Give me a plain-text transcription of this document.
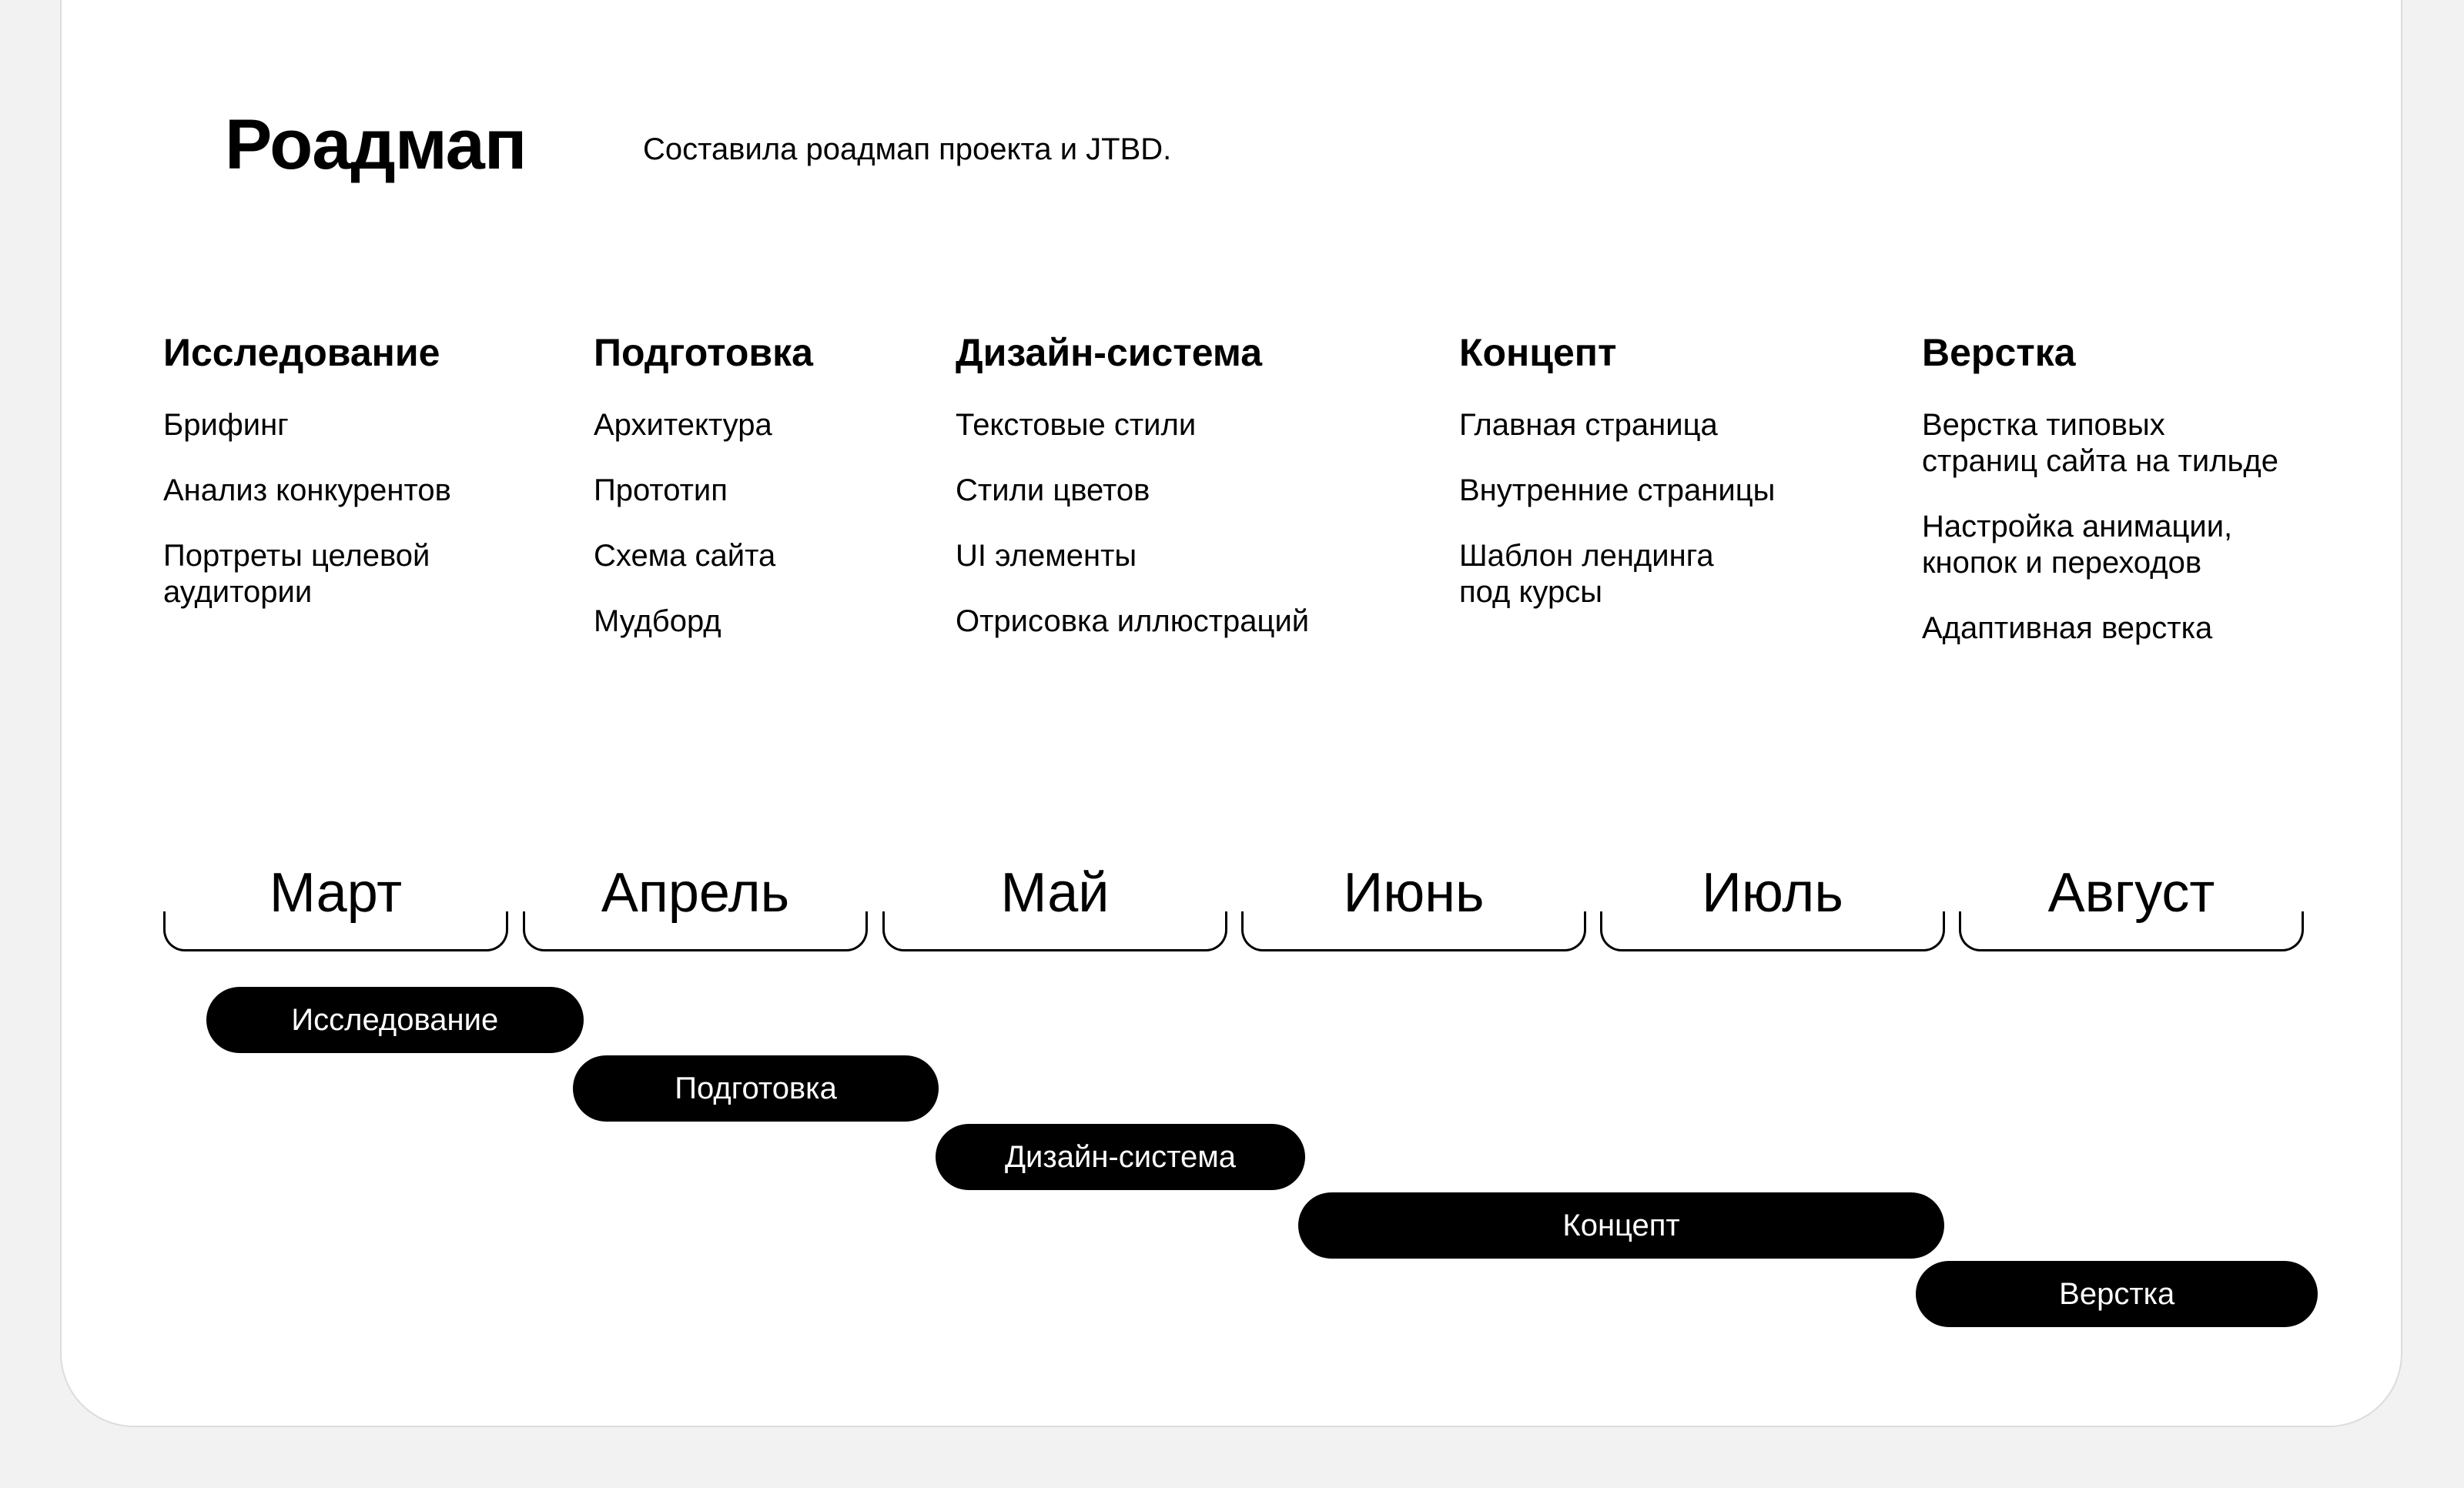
Роадмап	Составила роадмап проекта и JTBD.
Исследование
Брифинг
Анализ конкурентов
Портреты целевой
аудитории
Подготовка
Архитектура
Прототип
Схема сайта
Мудборд
Дизайн-система
Текстовые стили
Стили цветов
UI элементы
Отрисовка иллюстраций
Концепт
Главная страница
Внутренние страницы
Шаблон лендинга
под курсы
Верстка
Верстка типовых
страниц сайта на тильде
Настройка анимации,
кнопок и переходов
Адаптивная верстка
Март	Апрель	Май	Июнь	Июль	Август
Исследование
Подготовка
Дизайн-система
Концепт
Верстка
